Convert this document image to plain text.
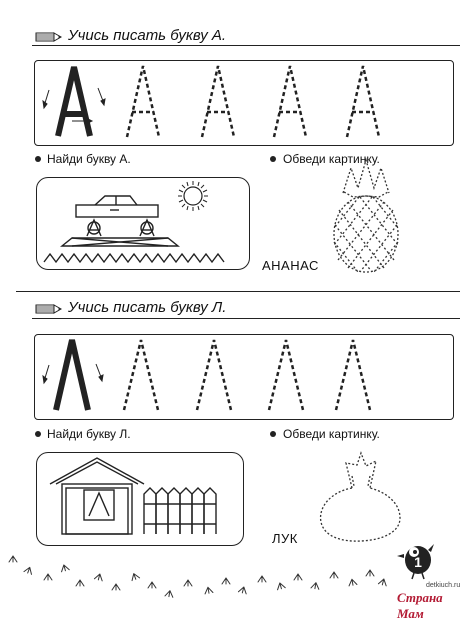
Учись писать букву А.
Найди букву А.	Обведи картинку.
АНАНАС
Учись писать букву Л.
Найди букву Л.	Обведи картинку.
ЛУК
1
Страна Мам
detkiuch.ru
